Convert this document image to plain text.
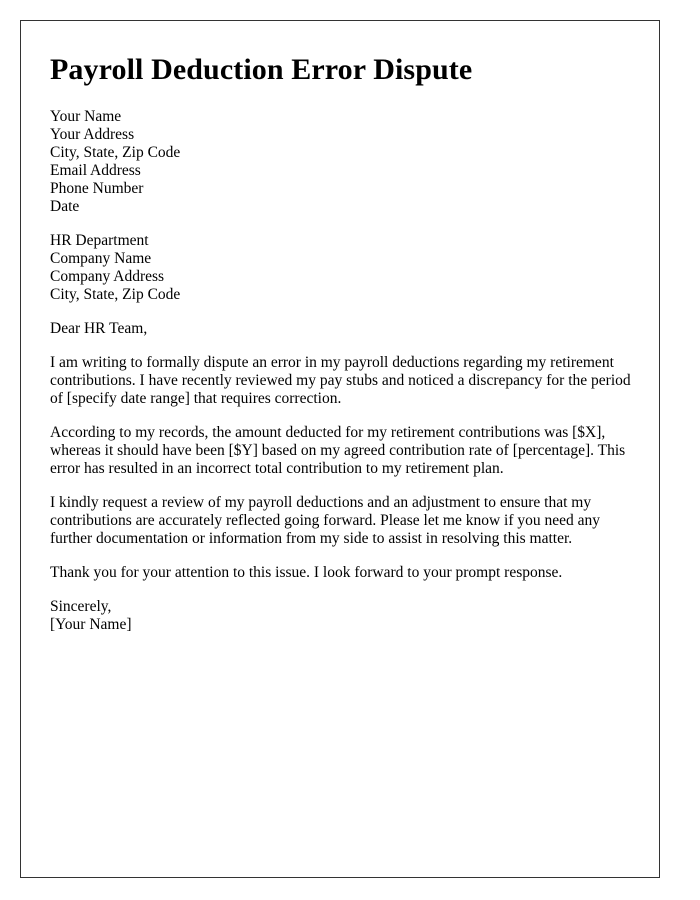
Payroll Deduction Error Dispute
Your Name
Your Address
City, State, Zip Code
Email Address
Phone Number
Date
HR Department
Company Name
Company Address
City, State, Zip Code
Dear HR Team,

I am writing to formally dispute an error in my payroll deductions regarding my retirement contributions. I have recently reviewed my pay stubs and noticed a discrepancy for the period of [specify date range] that requires correction.

According to my records, the amount deducted for my retirement contributions was [$X], whereas it should have been [$Y] based on my agreed contribution rate of [percentage]. This error has resulted in an incorrect total contribution to my retirement plan.

I kindly request a review of my payroll deductions and an adjustment to ensure that my contributions are accurately reflected going forward. Please let me know if you need any further documentation or information from my side to assist in resolving this matter.

Thank you for your attention to this issue. I look forward to your prompt response.

Sincerely,
[Your Name]
